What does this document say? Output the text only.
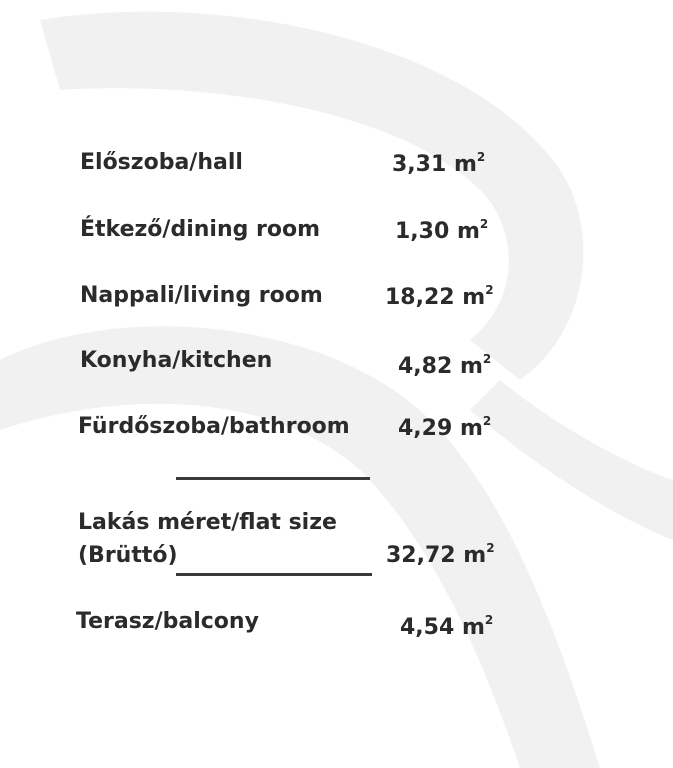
Előszoba/hall	3,31 $m^2$
Étkező/dining room	1,30 $m^2$
Nappali/living room	18,22 $m^2$
Konyha/kitchen	4,82 $m^2$
Fürdőszoba/bathroom 4,29 $m^2$
Lakás méret/flat size
(Brüttó)	32,72 $m^2$
Terasz/balcony	4,54 $m^2$
